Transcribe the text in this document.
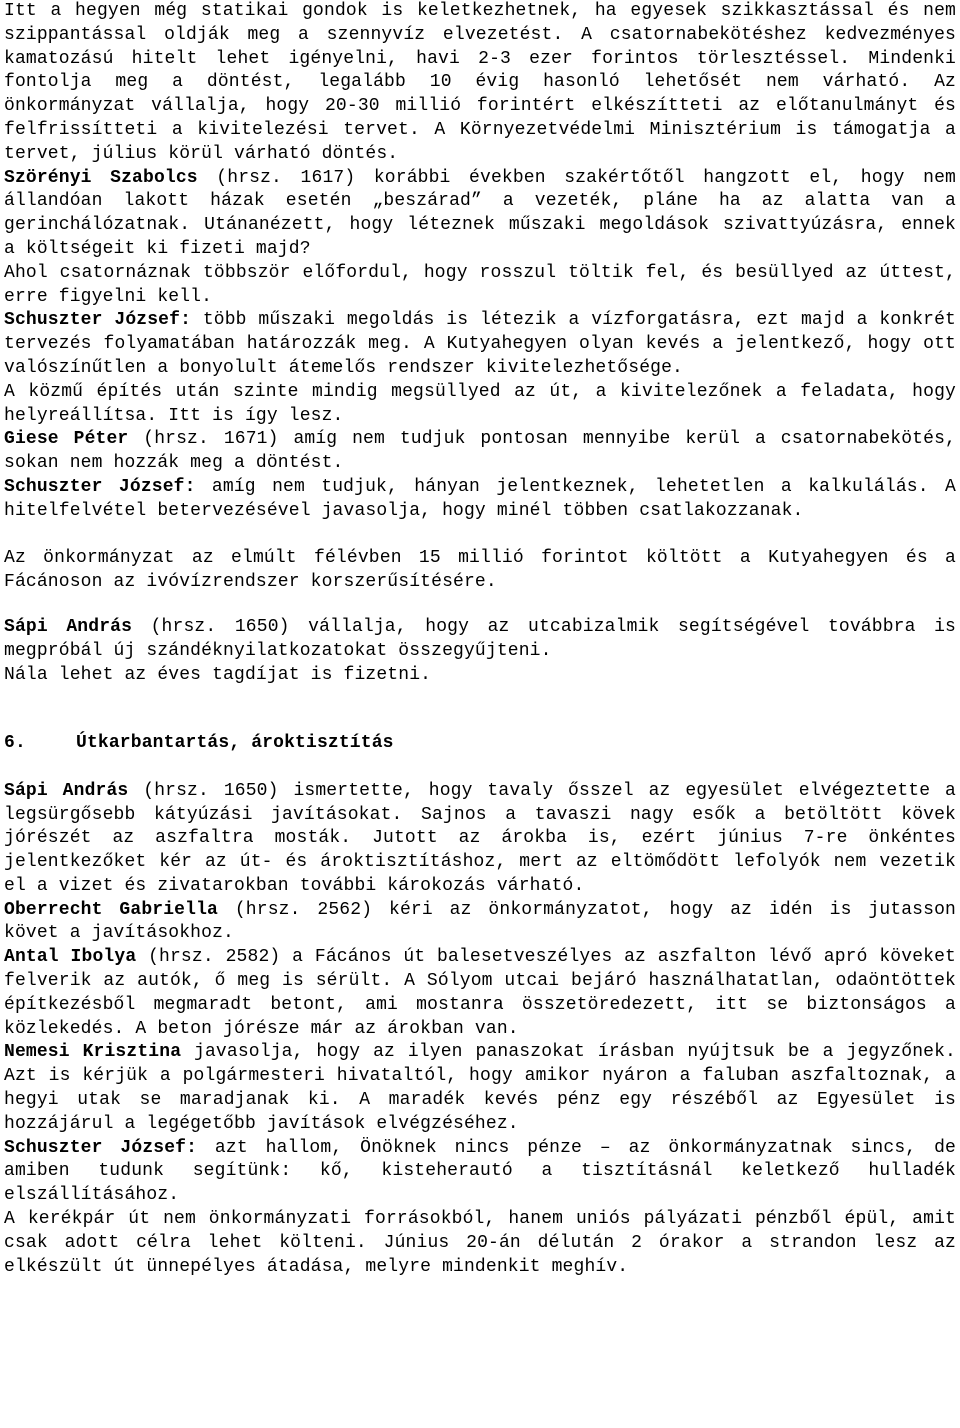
Itt a hegyen még statikai gondok is keletkezhetnek, ha egyesek szikkasztással és nem szippantással oldják meg a szennyvíz elvezetést. A csatornabekötéshez kedvezményes kamatozású hitelt lehet igényelni, havi 2-3 ezer forintos törlesztéssel. Mindenki fontolja meg a döntést, legalább 10 évig hasonló lehetősét nem várható. Az önkormányzat vállalja, hogy 20-30 millió forintért elkészítteti az előtanulmányt és felfrissítteti a kivitelezési tervet. A Környezetvédelmi Minisztérium is támogatja a tervet, július körül várható döntés.

Szörényi Szabolcs (hrsz. 1617) korábbi években szakértőtől hangzott el, hogy nem állandóan lakott házak esetén „beszárad” a vezeték, pláne ha az alatta van a gerinchálózatnak. Utánanézett, hogy léteznek műszaki megoldások szivattyúzásra, ennek a költségeit ki fizeti majd?

Ahol csatornáznak többször előfordul, hogy rosszul töltik fel, és besüllyed az úttest, erre figyelni kell.

Schuszter József: több műszaki megoldás is létezik a vízforgatásra, ezt majd a konkrét tervezés folyamatában határozzák meg. A Kutyahegyen olyan kevés a jelentkező, hogy ott valószínűtlen a bonyolult átemelős rendszer kivitelezhetősége.

A közmű építés után szinte mindig megsüllyed az út, a kivitelezőnek a feladata, hogy helyreállítsa. Itt is így lesz.

Giese Péter (hrsz. 1671) amíg nem tudjuk pontosan mennyibe kerül a csatornabekötés, sokan nem hozzák meg a döntést.

Schuszter József: amíg nem tudjuk, hányan jelentkeznek, lehetetlen a kalkulálás. A hitelfelvétel betervezésével javasolja, hogy minél többen csatlakozzanak.

Az önkormányzat az elmúlt félévben 15 millió forintot költött a Kutyahegyen és a Fácánoson az ivóvízrendszer korszerűsítésére.

Sápi András (hrsz. 1650) vállalja, hogy az utcabizalmik segítségével továbbra is megpróbál új szándéknyilatkozatokat összegyűjteni.

Nála lehet az éves tagdíjat is fizetni.

6.	Útkarbantartás, ároktisztítás

Sápi András (hrsz. 1650) ismertette, hogy tavaly ősszel az egyesület elvégeztette a legsürgősebb kátyúzási javításokat. Sajnos a tavaszi nagy esők a betöltött kövek jórészét az aszfaltra mosták. Jutott az árokba is, ezért június 7-re önkéntes jelentkezőket kér az út- és ároktisztításhoz, mert az eltömődött lefolyók nem vezetik el a vizet és zivatarokban további károkozás várható.

Oberrecht Gabriella (hrsz. 2562) kéri az önkormányzatot, hogy az idén is jutasson követ a javításokhoz.

Antal Ibolya (hrsz. 2582) a Fácános út balesetveszélyes az aszfalton lévő apró köveket felverik az autók, ő meg is sérült. A Sólyom utcai bejáró használhatatlan, odaöntöttek építkezésből megmaradt betont, ami mostanra összetöredezett, itt se biztonságos a közlekedés. A beton jórésze már az árokban van.

Nemesi Krisztina javasolja, hogy az ilyen panaszokat írásban nyújtsuk be a jegyzőnek. Azt is kérjük a polgármesteri hivataltól, hogy amikor nyáron a faluban aszfaltoznak, a hegyi utak se maradjanak ki. A maradék kevés pénz egy részéből az Egyesület is hozzájárul a legégetőbb javítások elvégzéséhez.

Schuszter József: azt hallom, Önöknek nincs pénze – az önkormányzatnak sincs, de amiben tudunk segítünk: kő, kisteherautó a tisztításnál keletkező hulladék elszállításához.

A kerékpár út nem önkormányzati forrásokból, hanem uniós pályázati pénzből épül, amit csak adott célra lehet költeni. Június 20-án délután 2 órakor a strandon lesz az elkészült út ünnepélyes átadása, melyre mindenkit meghív.
